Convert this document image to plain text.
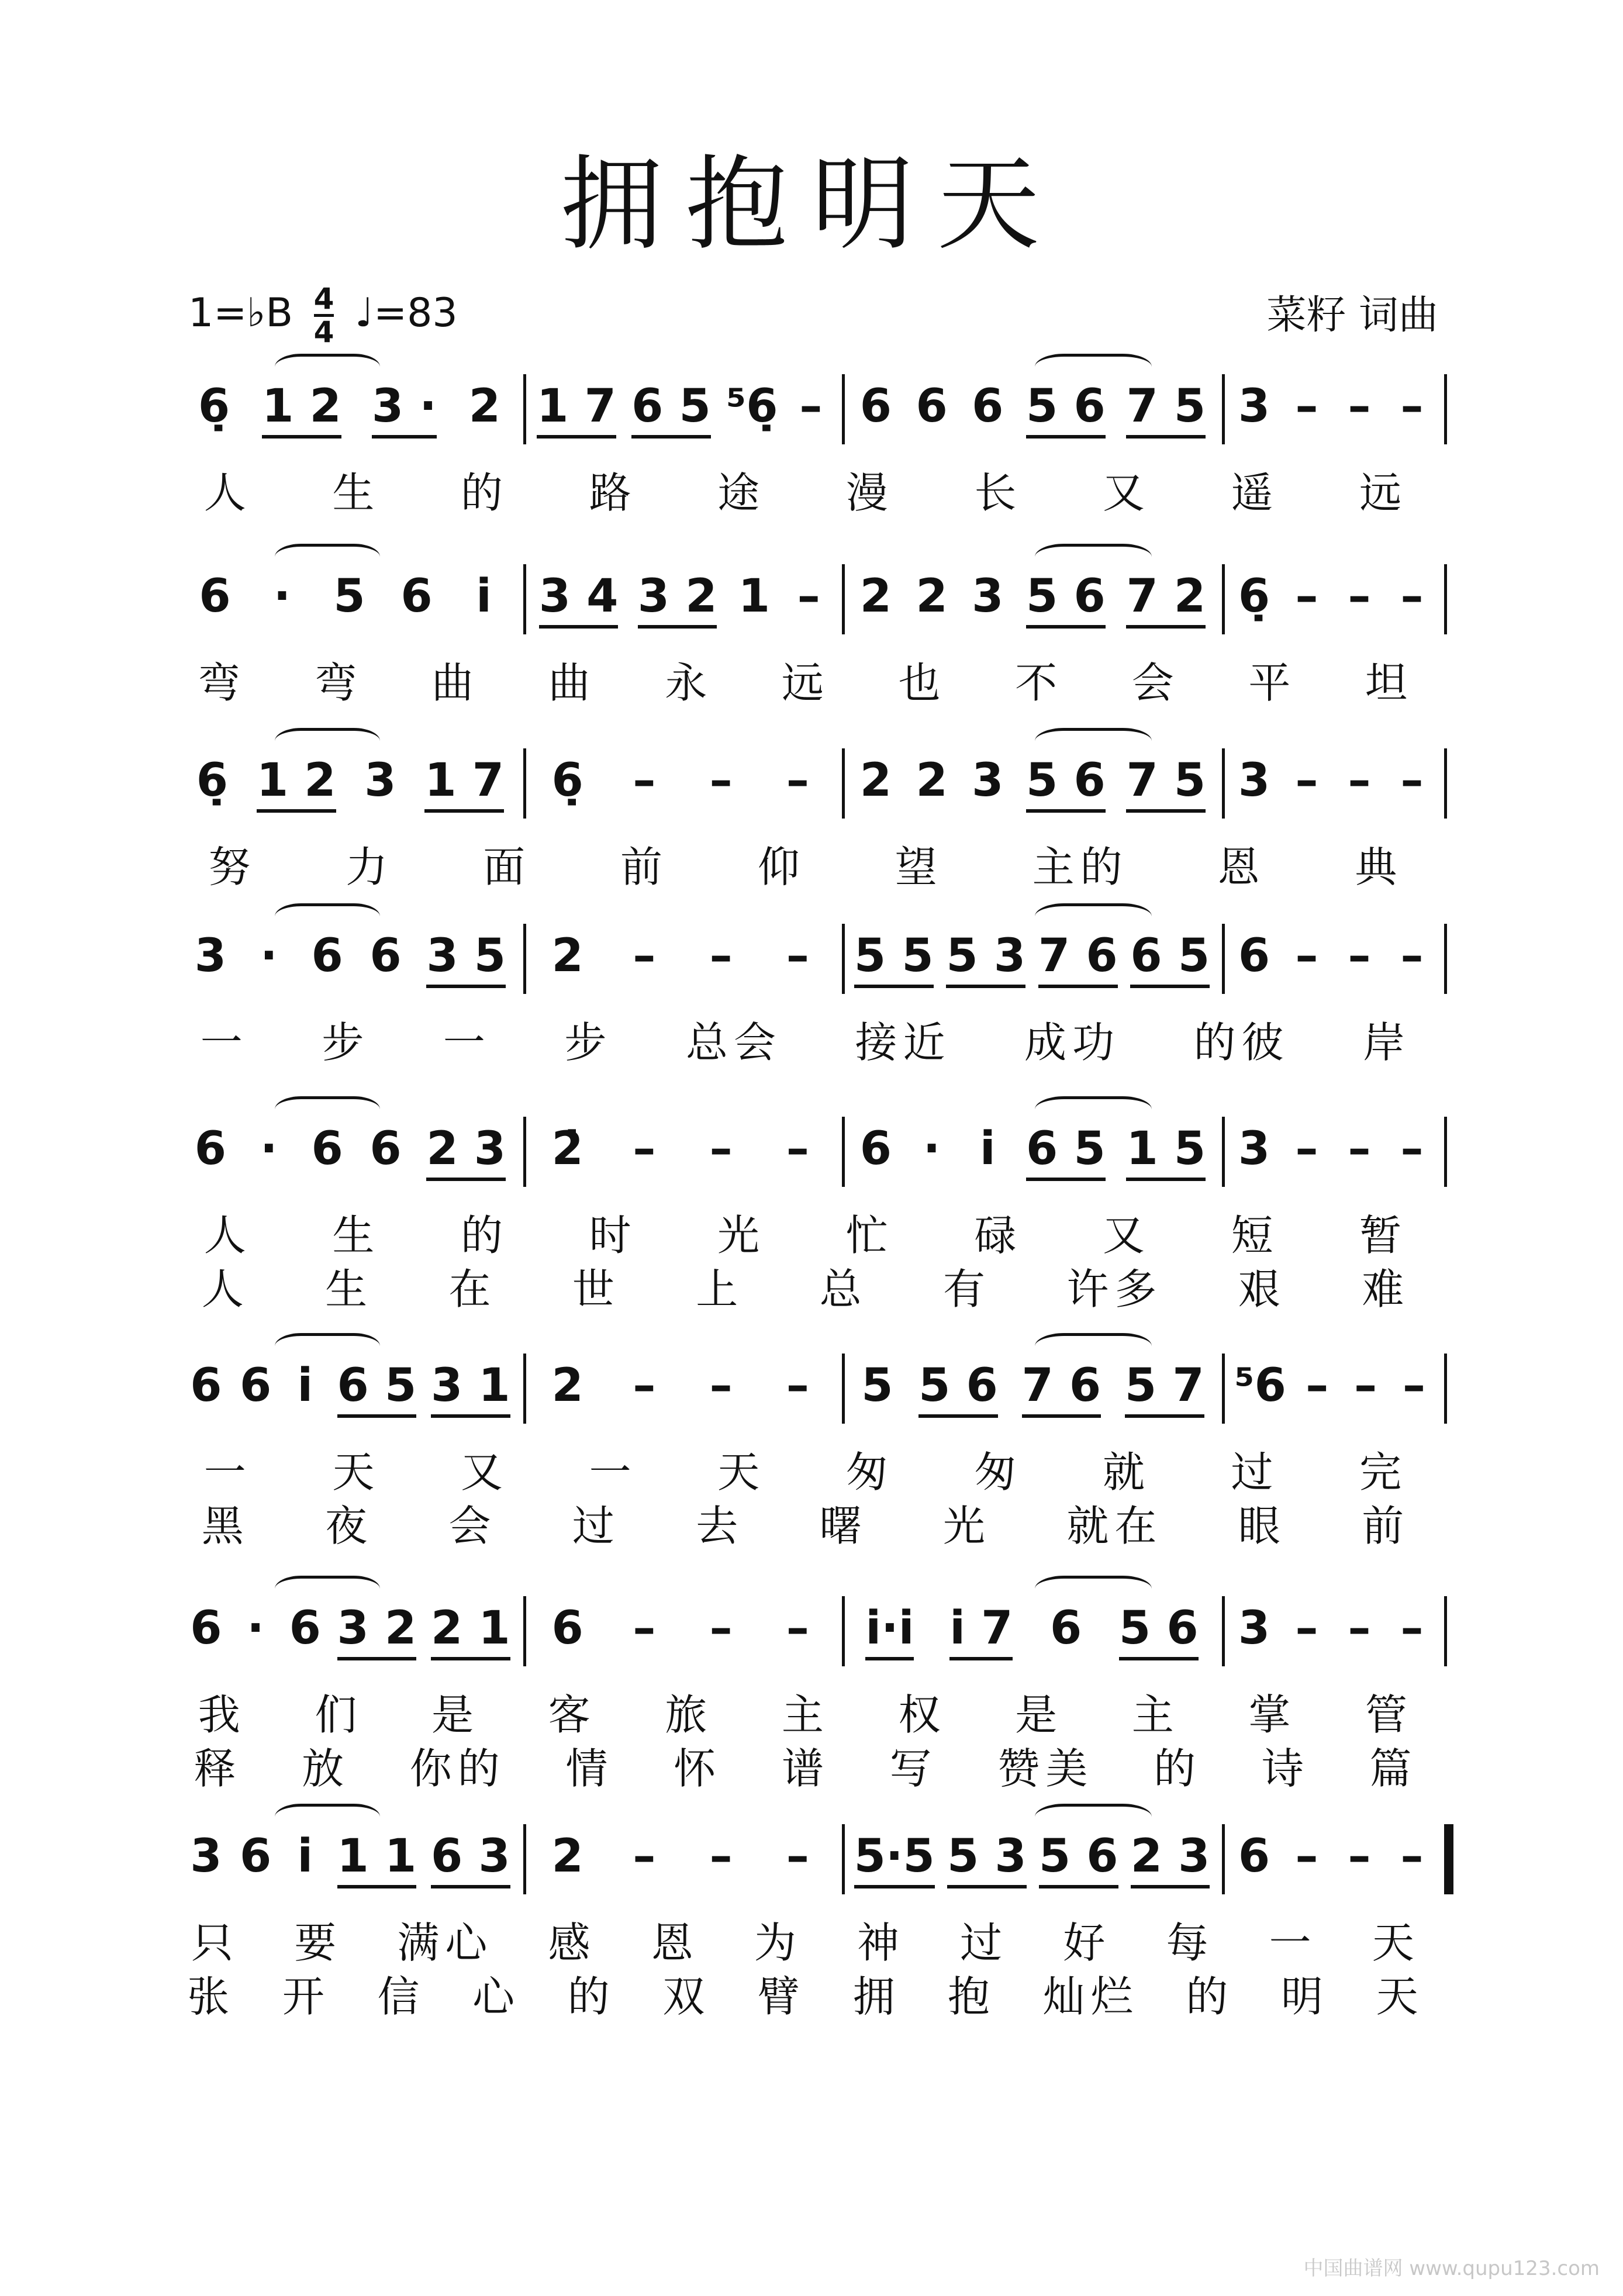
拥抱明天
1=♭B $\frac{4}{4}$ ♩=83	菜籽 词曲
6̣ 1 2 3 · 2 1 7 6 5 ⁵6̣ – 6 6 6 5 6 7 5 3 – – –
人 生 的 路 途 漫 长 又 遥 远
6 · 5 6 i̇ 3 4 3 2 1 – 2 2 3 5 6 7 2 6̣ – – –
弯 弯 曲 曲 永 远 也 不 会 平 坦
6̣ 1 2 3 1 7 6̣ – – – 2 2 3 5 6 7 5 3 – – –
努 力 面 前 仰 望 主的 恩 典
3 · 6 6 3 5 2 – – – 5 5 5 3 7 6 6 5 6 – – –
一 步 一 步 总会 接近 成功 的彼 岸
6 · 6 6 2 3 2̇ – – – 6 · i̇ 6 5 1 5 3 – – –
人 生 的 时 光 忙 碌 又 短 暂
人 生 在 世 上 总 有 许多 艰 难
6 6 i̇ 6 5 3 1 2 – – – 5 5 6 7 6 5 7 ⁵6 – – –
一 天 又 一 天 匆 匆 就 过 完
黑 夜 会 过 去 曙 光 就在 眼 前
6 · 6 3 2 2 1 6 – – – i̇·i̇ i̇ 7 6 5 6 3 – – –
我 们 是 客 旅 主 权 是 主 掌 管
释 放 你的 情 怀 谱 写 赞美 的 诗 篇
3 6 i̇ 1 1 6 3 2 – – – 5·5 5 3 5 6 2 3 6 – – –
只 要 满心 感 恩 为 神 过 好 每 一 天
张 开 信 心 的 双 臂 拥 抱 灿烂 的 明 天
中国曲谱网 www.qupu123.com
